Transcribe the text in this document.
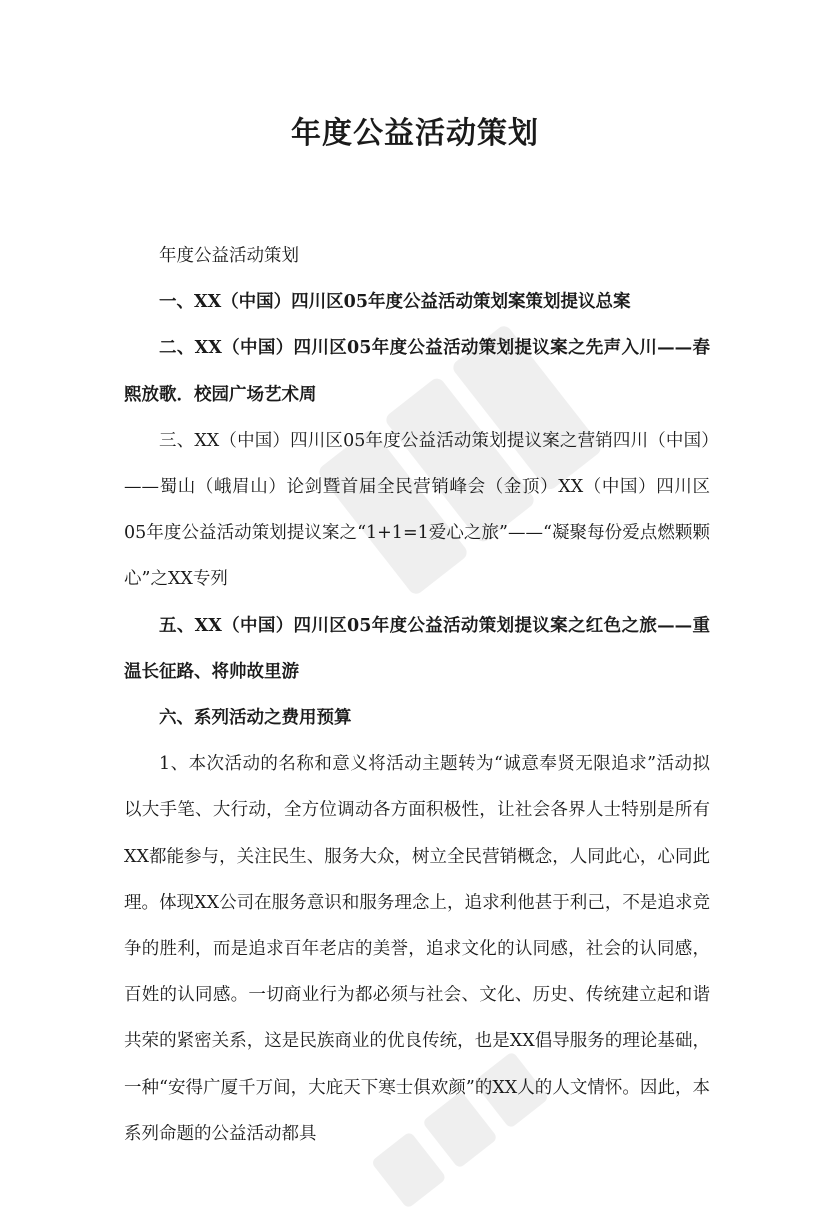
年度公益活动策划

年度公益活动策划

一、XX（中国）四川区05年度公益活动策划案策划提议总案

二、XX（中国）四川区05年度公益活动策划提议案之先声入川——春熙放歌．校园广场艺术周

三、XX（中国）四川区05年度公益活动策划提议案之营销四川（中国）——蜀山（峨眉山）论剑暨首届全民营销峰会（金顶）XX（中国）四川区05年度公益活动策划提议案之“1+1=1爱心之旅”——“凝聚每份爱点燃颗颗心”之XX专列

五、XX（中国）四川区05年度公益活动策划提议案之红色之旅——重温长征路、将帅故里游

六、系列活动之费用预算

1、本次活动的名称和意义将活动主题转为“诚意奉贤无限追求”活动拟以大手笔、大行动，全方位调动各方面积极性，让社会各界人士特别是所有XX都能参与，关注民生、服务大众，树立全民营销概念，人同此心，心同此理。体现XX公司在服务意识和服务理念上，追求利他甚于利己，不是追求竞争的胜利，而是追求百年老店的美誉，追求文化的认同感，社会的认同感，百姓的认同感。一切商业行为都必须与社会、文化、历史、传统建立起和谐共荣的紧密关系，这是民族商业的优良传统，也是XX倡导服务的理论基础，一种“安得广厦千万间，大庇天下寒士俱欢颜”的XX人的人文情怀。因此，本系列命题的公益活动都具
